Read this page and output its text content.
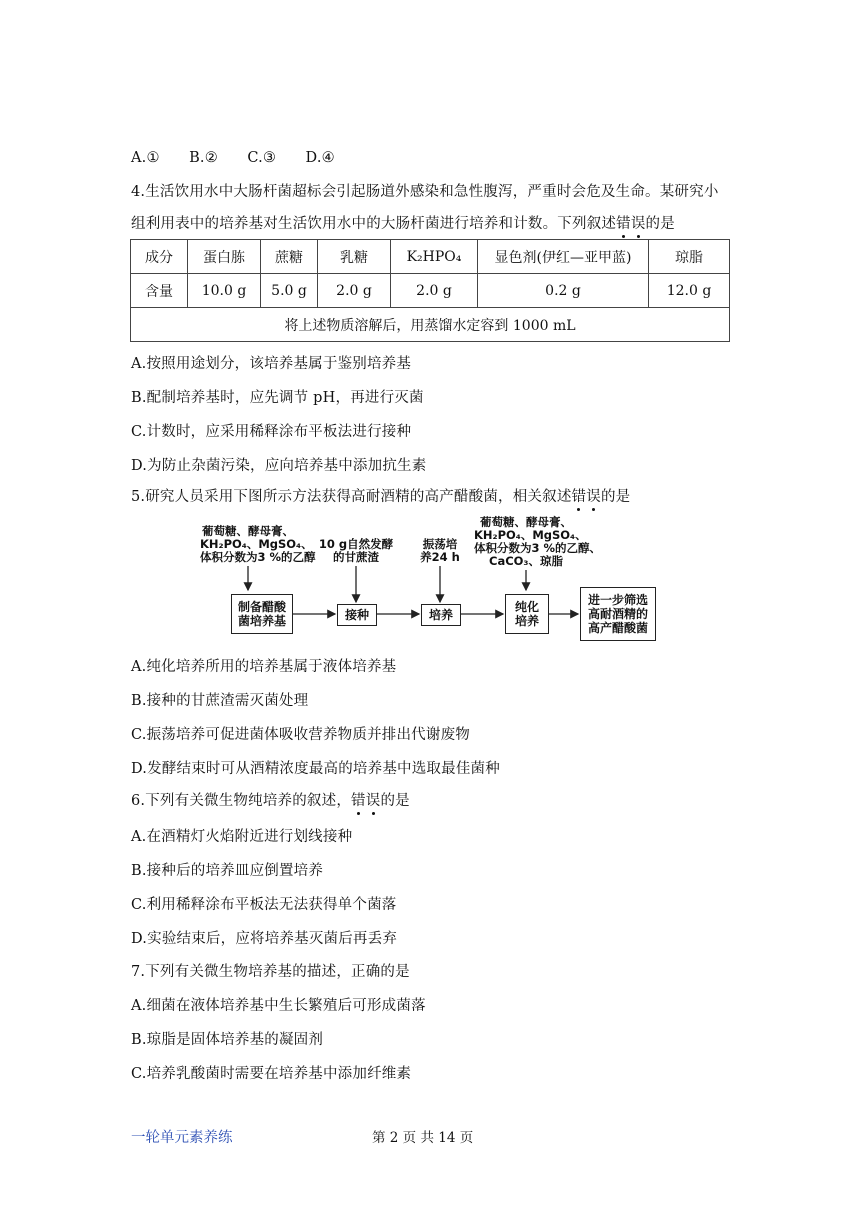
A.①　　B.②　　C.③　　D.④
4.生活饮用水中大肠杆菌超标会引起肠道外感染和急性腹泻，严重时会危及生命。某研究小
组利用表中的培养基对生活饮用水中的大肠杆菌进行培养和计数。下列叙述错误的是
成分	蛋白胨	蔗糖	乳糖	K₂HPO₄	显色剂(伊红—亚甲蓝)	琼脂
含量	10.0 g	5.0 g	2.0 g	2.0 g	0.2 g	12.0 g
将上述物质溶解后，用蒸馏水定容到 1000 mL						
A.按照用途划分，该培养基属于鉴别培养基
B.配制培养基时，应先调节 pH，再进行灭菌
C.计数时，应采用稀释涂布平板法进行接种
D.为防止杂菌污染，应向培养基中添加抗生素
5.研究人员采用下图所示方法获得高耐酒精的高产醋酸菌，相关叙述错误的是
葡萄糖、酵母膏、
KH₂PO₄、MgSO₄、
体积分数为3 %的乙醇
10 g自然发酵
的甘蔗渣
振荡培
养24 h
葡萄糖、酵母膏、
KH₂PO₄、MgSO₄、
体积分数为3 %的乙醇、
CaCO₃、琼脂
制备醋酸
菌培养基	接种	培养
纯化
培养
进一步筛选
高耐酒精的
高产醋酸菌
A.纯化培养所用的培养基属于液体培养基
B.接种的甘蔗渣需灭菌处理
C.振荡培养可促进菌体吸收营养物质并排出代谢废物
D.发酵结束时可从酒精浓度最高的培养基中选取最佳菌种
6.下列有关微生物纯培养的叙述，错误的是
A.在酒精灯火焰附近进行划线接种
B.接种后的培养皿应倒置培养
C.利用稀释涂布平板法无法获得单个菌落
D.实验结束后，应将培养基灭菌后再丢弃
7.下列有关微生物培养基的描述，正确的是
A.细菌在液体培养基中生长繁殖后可形成菌落
B.琼脂是固体培养基的凝固剂
C.培养乳酸菌时需要在培养基中添加纤维素
一轮单元素养练	第 2 页 共 14 页
